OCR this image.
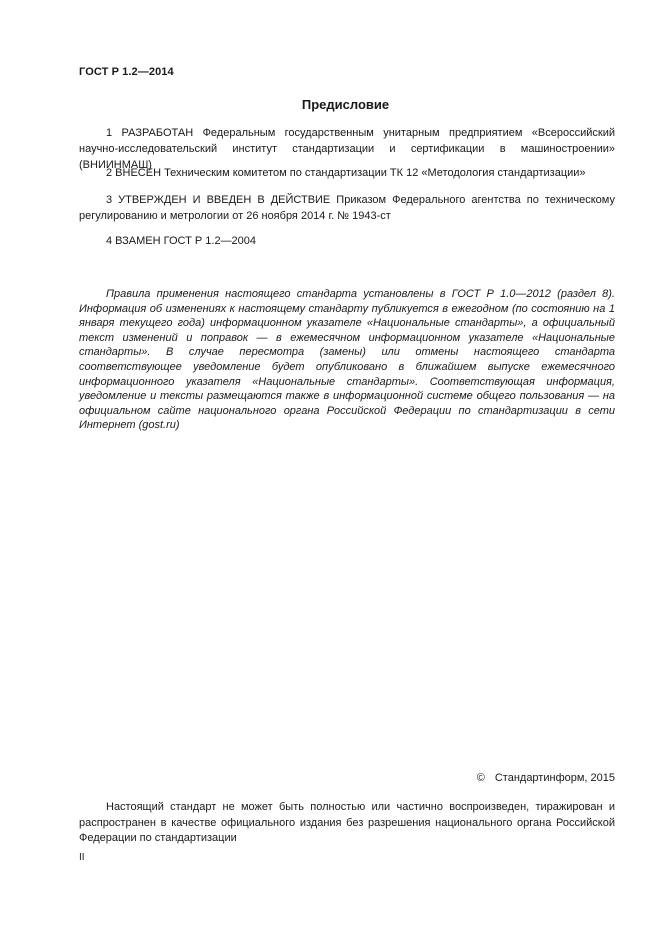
ГОСТ Р 1.2—2014
Предисловие

1 РАЗРАБОТАН Федеральным государственным унитарным предприятием «Всероссийский научно-исследовательский институт стандартизации и сертификации в машиностроении» (ВНИИНМАШ)

2 ВНЕСЕН Техническим комитетом по стандартизации ТК 12 «Методология стандартизации»

3 УТВЕРЖДЕН И ВВЕДЕН В ДЕЙСТВИЕ Приказом Федерального агентства по техническому регулированию и метрологии от 26 ноября 2014 г. № 1943-ст

4 ВЗАМЕН ГОСТ Р 1.2—2004

Правила применения настоящего стандарта установлены в ГОСТ Р 1.0—2012 (раздел 8). Информация об изменениях к настоящему стандарту публикуется в ежегодном (по состоянию на 1 января текущего года) информационном указателе «Национальные стандарты», а официальный текст изменений и поправок — в ежемесячном информационном указателе «Национальные стандарты». В случае пересмотра (замены) или отмены настоящего стандарта соответствующее уведомление будет опубликовано в ближайшем выпуске ежемесячного информационного указателя «Национальные стандарты». Соответствующая информация, уведомление и тексты размещаются также в информационной системе общего пользования — на официальном сайте национального органа Российской Федерации по стандартизации в сети Интернет (gost.ru)

© Стандартинформ, 2015

Настоящий стандарт не может быть полностью или частично воспроизведен, тиражирован и распространен в качестве официального издания без разрешения национального органа Российской Федерации по стандартизации

II
